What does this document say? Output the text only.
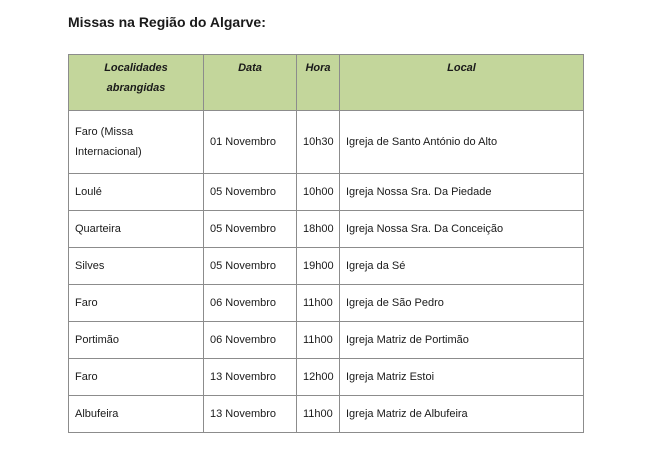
Missas na Região do Algarve:
Localidades abrangidas	Data	Hora	Local
Faro (Missa Internacional)	01 Novembro	10h30	Igreja de Santo António do Alto
Loulé	05 Novembro	10h00	Igreja Nossa Sra. Da Piedade
Quarteira	05 Novembro	18h00	Igreja Nossa Sra. Da Conceição
Silves	05 Novembro	19h00	Igreja da Sé
Faro	06 Novembro	11h00	Igreja de São Pedro
Portimão	06 Novembro	11h00	Igreja Matriz de Portimão
Faro	13 Novembro	12h00	Igreja Matriz Estoi
Albufeira	13 Novembro	11h00	Igreja Matriz de Albufeira
